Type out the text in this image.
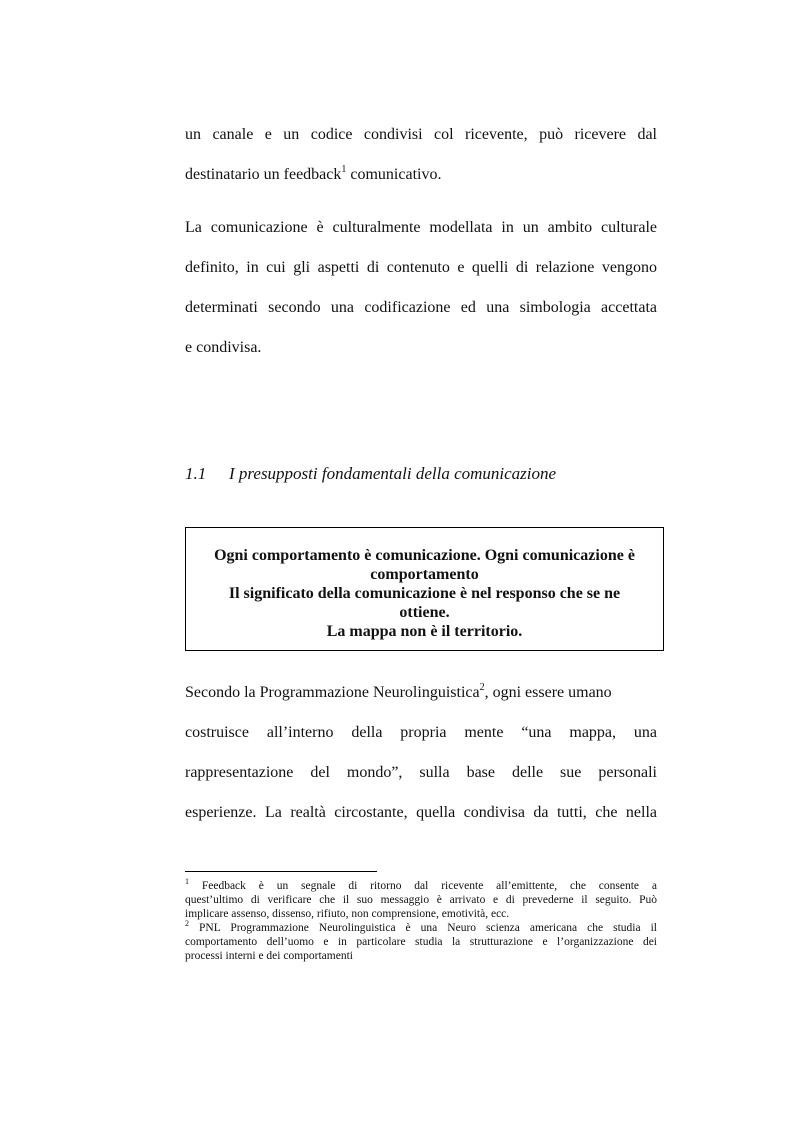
un canale e un codice condivisi col ricevente, può ricevere dal
destinatario un feedback$^1$ comunicativo.
La comunicazione è culturalmente modellata in un ambito culturale
definito, in cui gli aspetti di contenuto e quelli di relazione vengono
determinati secondo una codificazione ed una simbologia accettata
e condivisa.
1.1 I presupposti fondamentali della comunicazione
Ogni comportamento è comunicazione. Ogni comunicazione è
comportamento
Il significato della comunicazione è nel responso che se ne
ottiene.
La mappa non è il territorio.
Secondo la Programmazione Neurolinguistica$^2$, ogni essere umano
costruisce all’interno della propria mente “una mappa, una
rappresentazione del mondo”, sulla base delle sue personali
esperienze. La realtà circostante, quella condivisa da tutti, che nella
$^1$ Feedback è un segnale di ritorno dal ricevente all’emittente, che consente a
quest’ultimo di verificare che il suo messaggio è arrivato e di prevederne il seguito. Può
implicare assenso, dissenso, rifiuto, non comprensione, emotività, ecc.
$^2$ PNL Programmazione Neurolinguistica è una Neuro scienza americana che studia il
comportamento dell’uomo e in particolare studia la strutturazione e l’organizzazione dei
processi interni e dei comportamenti
